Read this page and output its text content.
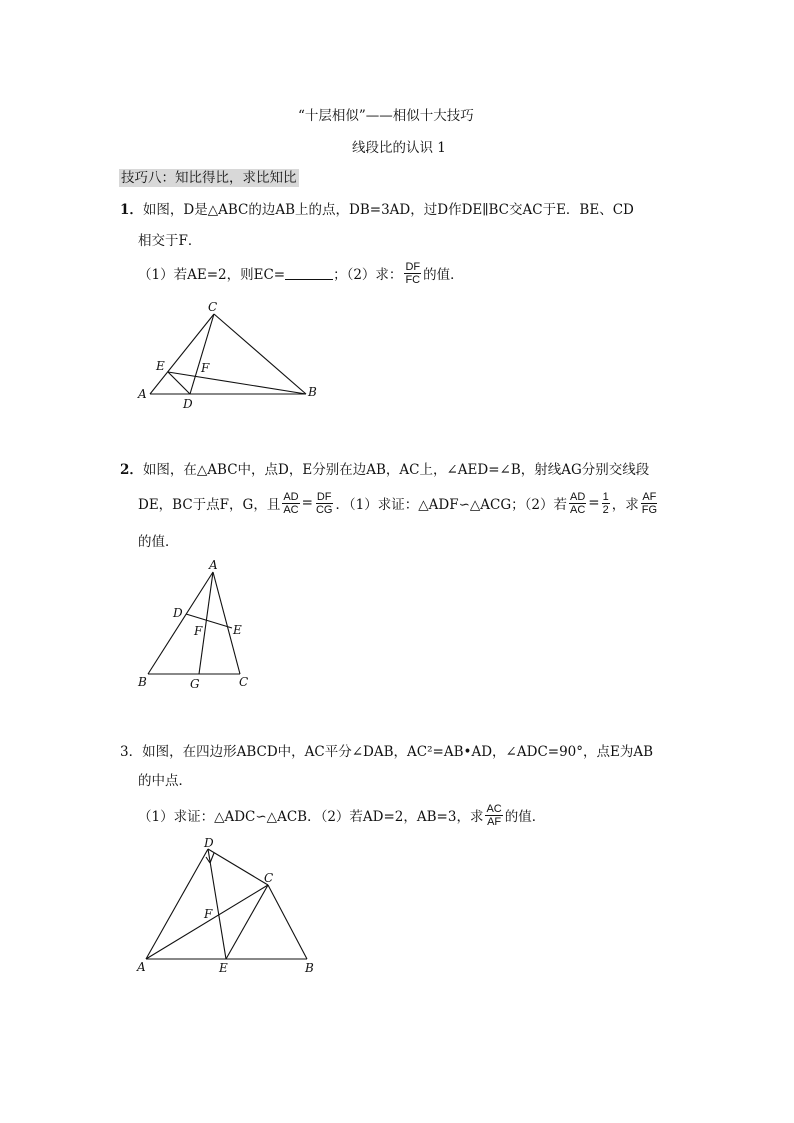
“十层相似”——相似十大技巧
线段比的认识 1
技巧八：知比得比，求比知比
1．如图，D是△ABC的边AB上的点，DB=3AD，过D作DE∥BC交AC于E．BE、CD
相交于F．
（1）若AE=2，则EC=	；（2）求： $\frac{DF}{FC}$ 的值．
C
E	F
A
D
B
2．如图，在△ABC中，点D，E分别在边AB，AC上，∠AED=∠B，射线AG分别交线段
DE，BC于点F，G，且 $\frac{AD}{AC} = \frac{DF}{CG}$ ．（1）求证：△ADF∽△ACG；（2）若 $\frac{AD}{AC} = \frac{1}{2}$ ，求 $\frac{AF}{FG}$
的值．
A
D
F	E
B	G	C
3．如图，在四边形ABCD中，AC平分∠DAB，AC²=AB•AD，∠ADC=90°，点E为AB
的中点．
（1）求证：△ADC∽△ACB．（2）若AD=2，AB=3，求 $\frac{AC}{AF}$ 的值．
D
C
F
A	E	B
